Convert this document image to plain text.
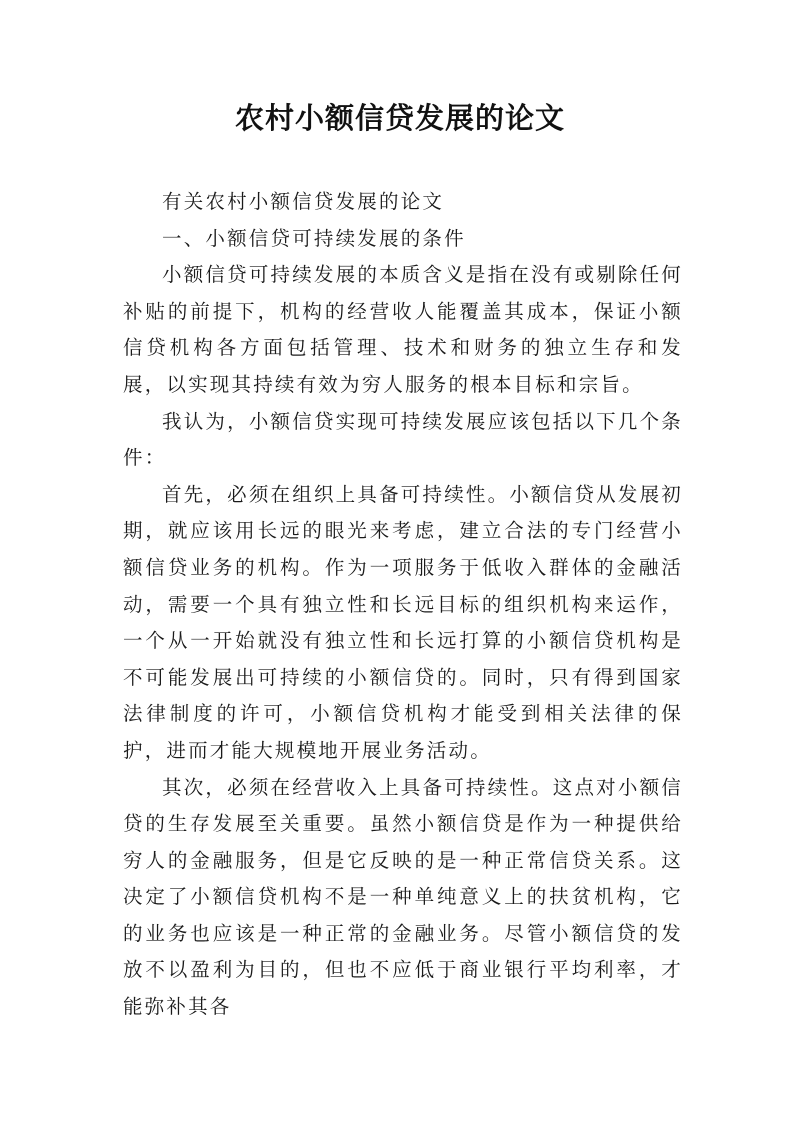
农村小额信贷发展的论文

有关农村小额信贷发展的论文

一、小额信贷可持续发展的条件

小额信贷可持续发展的本质含义是指在没有或剔除任何补贴的前提下，机构的经营收人能覆盖其成本，保证小额信贷机构各方面包括管理、技术和财务的独立生存和发展，以实现其持续有效为穷人服务的根本目标和宗旨。

我认为，小额信贷实现可持续发展应该包括以下几个条件：

首先，必须在组织上具备可持续性。小额信贷从发展初期，就应该用长远的眼光来考虑，建立合法的专门经营小额信贷业务的机构。作为一项服务于低收入群体的金融活动，需要一个具有独立性和长远目标的组织机构来运作，一个从一开始就没有独立性和长远打算的小额信贷机构是不可能发展出可持续的小额信贷的。同时，只有得到国家法律制度的许可，小额信贷机构才能受到相关法律的保护，进而才能大规模地开展业务活动。

其次，必须在经营收入上具备可持续性。这点对小额信贷的生存发展至关重要。虽然小额信贷是作为一种提供给穷人的金融服务，但是它反映的是一种正常信贷关系。这决定了小额信贷机构不是一种单纯意义上的扶贫机构，它的业务也应该是一种正常的金融业务。尽管小额信贷的发放不以盈利为目的，但也不应低于商业银行平均利率，才能弥补其各
